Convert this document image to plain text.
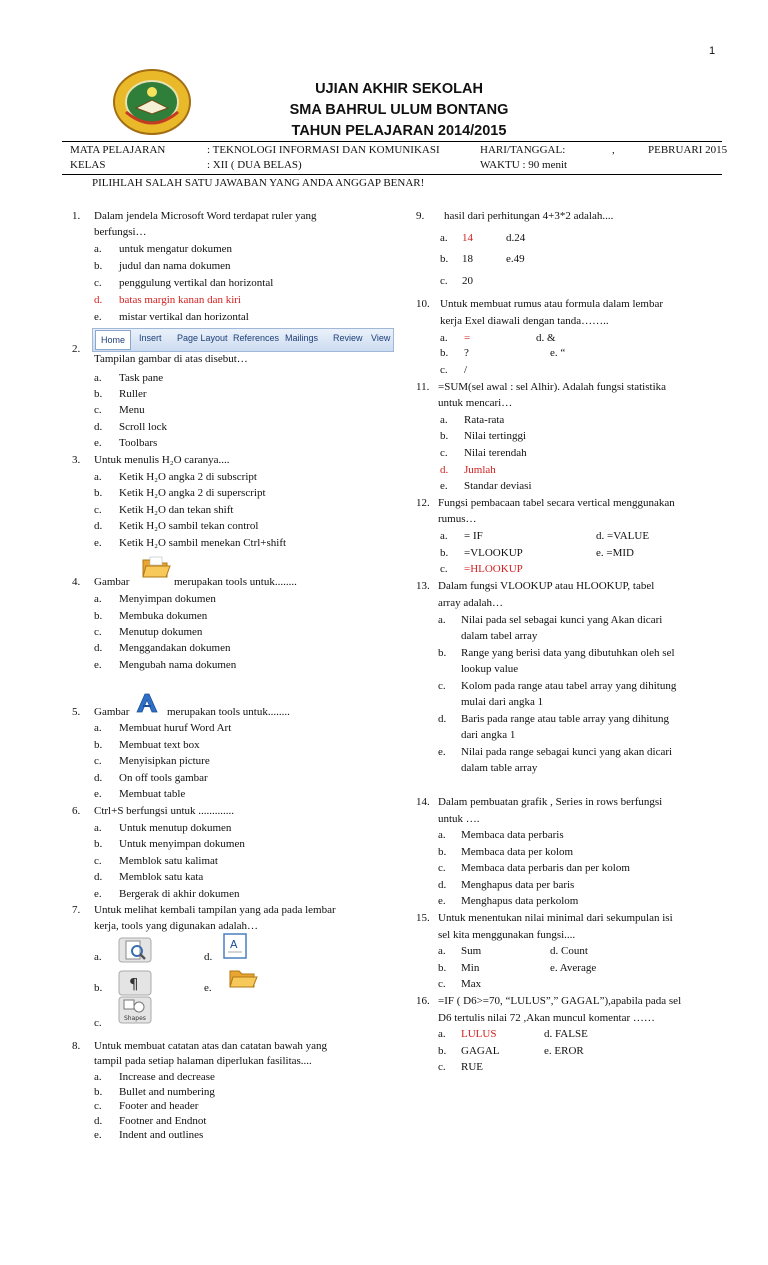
1
UJIAN AKHIR SEKOLAH
SMA BAHRUL ULUM BONTANG
TAHUN PELAJARAN 2014/2015
MATA PELAJARAN	: TEKNOLOGI INFORMASI DAN KOMUNIKASI	HARI/TANGGAL:	,	PEBRUARI 2015
KELAS	: XII ( DUA BELAS)	WAKTU : 90 menit
PILIHLAH SALAH SATU JAWABAN YANG ANDA ANGGAP BENAR!
1. Dalam jendela Microsoft Word terdapat ruler yang
berfungsi…
a. untuk mengatur dokumen
b. judul dan nama dokumen
c. penggulung vertikal dan horizontal
d. batas margin kanan dan kiri
e. mistar vertikal dan horizontal
2.
Tampilan gambar di atas disebut…
a. Task pane
b. Ruller
c. Menu
d. Scroll lock
e. Toolbars
3. Untuk menulis H₂O caranya....
a. Ketik H₂O angka 2 di subscript
b. Ketik H₂O angka 2 di superscript
c. Ketik H₂O dan tekan shift
d. Ketik H₂O sambil tekan control
e. Ketik H₂O sambil menekan Ctrl+shift
4. Gambar	merupakan tools untuk........
a. Menyimpan dokumen
b. Membuka dokumen
c. Menutup dokumen
d. Menggandakan dokumen
e. Mengubah nama dokumen
5. Gambar	merupakan tools untuk........
a. Membuat huruf Word Art
b. Membuat text box
c. Menyisipkan picture
d. On off tools gambar
e. Membuat table
6. Ctrl+S berfungsi untuk .............
a. Untuk menutup dokumen
b. Untuk menyimpan dokumen
c. Memblok satu kalimat
d. Memblok satu kata
e. Bergerak di akhir dokumen
7. Untuk melihat kembali tampilan yang ada pada lembar
kerja, tools yang digunakan adalah…
a.	d.
b.	e.
c.
8. Untuk membuat catatan atas dan catatan bawah yang
tampil pada setiap halaman diperlukan fasilitas....
a. Increase and decrease
b. Bullet and numbering
c. Footer and header
d. Footner and Endnot
e. Indent and outlines
Home	Insert Page Layout References Mailings Review View
A
¶
Shapes
9. hasil dari perhitungan 4+3*2 adalah....
a. 14	d.24
b. 18	e.49
c. 20
10. Untuk membuat rumus atau formula dalam lembar
kerja Exel diawali dengan tanda……..
a. =	d. &
b. ?	e. “
c. /
11. =SUM(sel awal : sel Alhir). Adalah fungsi statistika
untuk mencari…
a. Rata-rata
b. Nilai tertinggi
c. Nilai terendah
d. Jumlah
e. Standar deviasi
12. Fungsi pembacaan tabel secara vertical menggunakan
rumus…
a. = IF	d. =VALUE
b. =VLOOKUP	e. =MID
c. =HLOOKUP
13. Dalam fungsi VLOOKUP atau HLOOKUP, tabel
array adalah…
a. Nilai pada sel sebagai kunci yang Akan dicari
dalam tabel array
b. Range yang berisi data yang dibutuhkan oleh sel
lookup value
c. Kolom pada range atau tabel array yang dihitung
mulai dari angka 1
d. Baris pada range atau table array yang dihitung
dari angka 1
e. Nilai pada range sebagai kunci yang akan dicari
dalam table array
14. Dalam pembuatan grafik , Series in rows berfungsi
untuk ….
a. Membaca data perbaris
b. Membaca data per kolom
c. Membaca data perbaris dan per kolom
d. Menghapus data per baris
e. Menghapus data perkolom
15. Untuk menentukan nilai minimal dari sekumpulan isi
sel kita menggunakan fungsi....
a. Sum	d. Count
b. Min	e. Average
c. Max
16. =IF ( D6>=70, “LULUS”,” GAGAL”),apabila pada sel
D6 tertulis nilai 72 ,Akan muncul komentar ……
a. LULUS	d. FALSE
b. GAGAL	e. EROR
c. RUE
